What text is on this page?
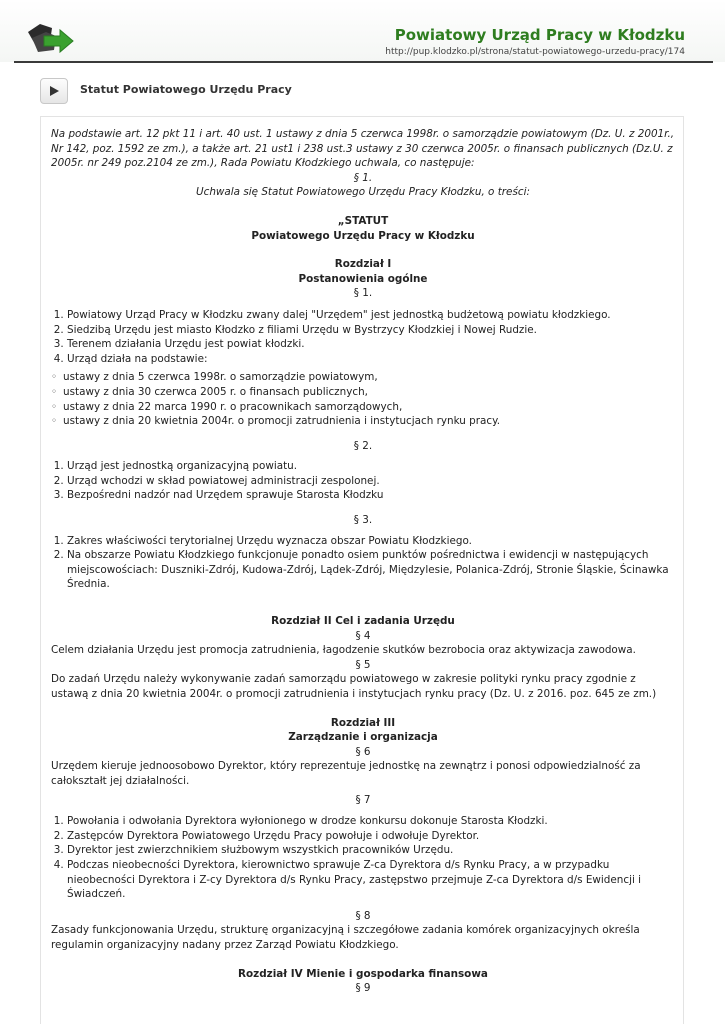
Powiatowy Urząd Pracy w Kłodzku
http://pup.klodzko.pl/strona/statut-powiatowego-urzedu-pracy/174
Statut Powiatowego Urzędu Pracy

Na podstawie art. 12 pkt 11 i art. 40 ust. 1 ustawy z dnia 5 czerwca 1998r. o samorządzie powiatowym (Dz. U. z 2001r., Nr 142, poz. 1592 ze zm.), a także art. 21 ust1 i 238 ust.3 ustawy z 30 czerwca 2005r. o finansach publicznych (Dz.U. z 2005r. nr 249 poz.2104 ze zm.), Rada Powiatu Kłodzkiego uchwala, co następuje:

§ 1.

Uchwala się Statut Powiatowego Urzędu Pracy Kłodzku, o treści:

„STATUT

Powiatowego Urzędu Pracy w Kłodzku

Rozdział I

Postanowienia ogólne

§ 1.

1. Powiatowy Urząd Pracy w Kłodzku zwany dalej "Urzędem" jest jednostką budżetową powiatu kłodzkiego.
2. Siedzibą Urzędu jest miasto Kłodzko z filiami Urzędu w Bystrzycy Kłodzkiej i Nowej Rudzie.
3. Terenem działania Urzędu jest powiat kłodzki.
4. Urząd działa na podstawie:
◦ ustawy z dnia 5 czerwca 1998r. o samorządzie powiatowym,
◦ ustawy z dnia 30 czerwca 2005 r. o finansach publicznych,
◦ ustawy z dnia 22 marca 1990 r. o pracownikach samorządowych,
◦ ustawy z dnia 20 kwietnia 2004r. o promocji zatrudnienia i instytucjach rynku pracy.

§ 2.

1. Urząd jest jednostką organizacyjną powiatu.
2. Urząd wchodzi w skład powiatowej administracji zespolonej.
3. Bezpośredni nadzór nad Urzędem sprawuje Starosta Kłodzku

§ 3.

1. Zakres właściwości terytorialnej Urzędu wyznacza obszar Powiatu Kłodzkiego.
2. Na obszarze Powiatu Kłodzkiego funkcjonuje ponadto osiem punktów pośrednictwa i ewidencji w następujących miejscowościach: Duszniki-Zdrój, Kudowa-Zdrój, Lądek-Zdrój, Międzylesie, Polanica-Zdrój, Stronie Śląskie, Ścinawka Średnia.

Rozdział II Cel i zadania Urzędu

§ 4

Celem działania Urzędu jest promocja zatrudnienia, łagodzenie skutków bezrobocia oraz aktywizacja zawodowa.

§ 5

Do zadań Urzędu należy wykonywanie zadań samorządu powiatowego w zakresie polityki rynku pracy zgodnie z ustawą z dnia 20 kwietnia 2004r. o promocji zatrudnienia i instytucjach rynku pracy (Dz. U. z 2016. poz. 645 ze zm.)

Rozdział III

Zarządzanie i organizacja

§ 6

Urzędem kieruje jednoosobowo Dyrektor, który reprezentuje jednostkę na zewnątrz i ponosi odpowiedzialność za całokształt jej działalności.

§ 7

1. Powołania i odwołania Dyrektora wyłonionego w drodze konkursu dokonuje Starosta Kłodzki.
2. Zastępców Dyrektora Powiatowego Urzędu Pracy powołuje i odwołuje Dyrektor.
3. Dyrektor jest zwierzchnikiem służbowym wszystkich pracowników Urzędu.
4. Podczas nieobecności Dyrektora, kierownictwo sprawuje Z-ca Dyrektora d/s Rynku Pracy, a w przypadku nieobecności Dyrektora i Z-cy Dyrektora d/s Rynku Pracy, zastępstwo przejmuje Z-ca Dyrektora d/s Ewidencji i Świadczeń.

§ 8

Zasady funkcjonowania Urzędu, strukturę organizacyjną i szczegółowe zadania komórek organizacyjnych określa regulamin organizacyjny nadany przez Zarząd Powiatu Kłodzkiego.

Rozdział IV Mienie i gospodarka finansowa

§ 9
